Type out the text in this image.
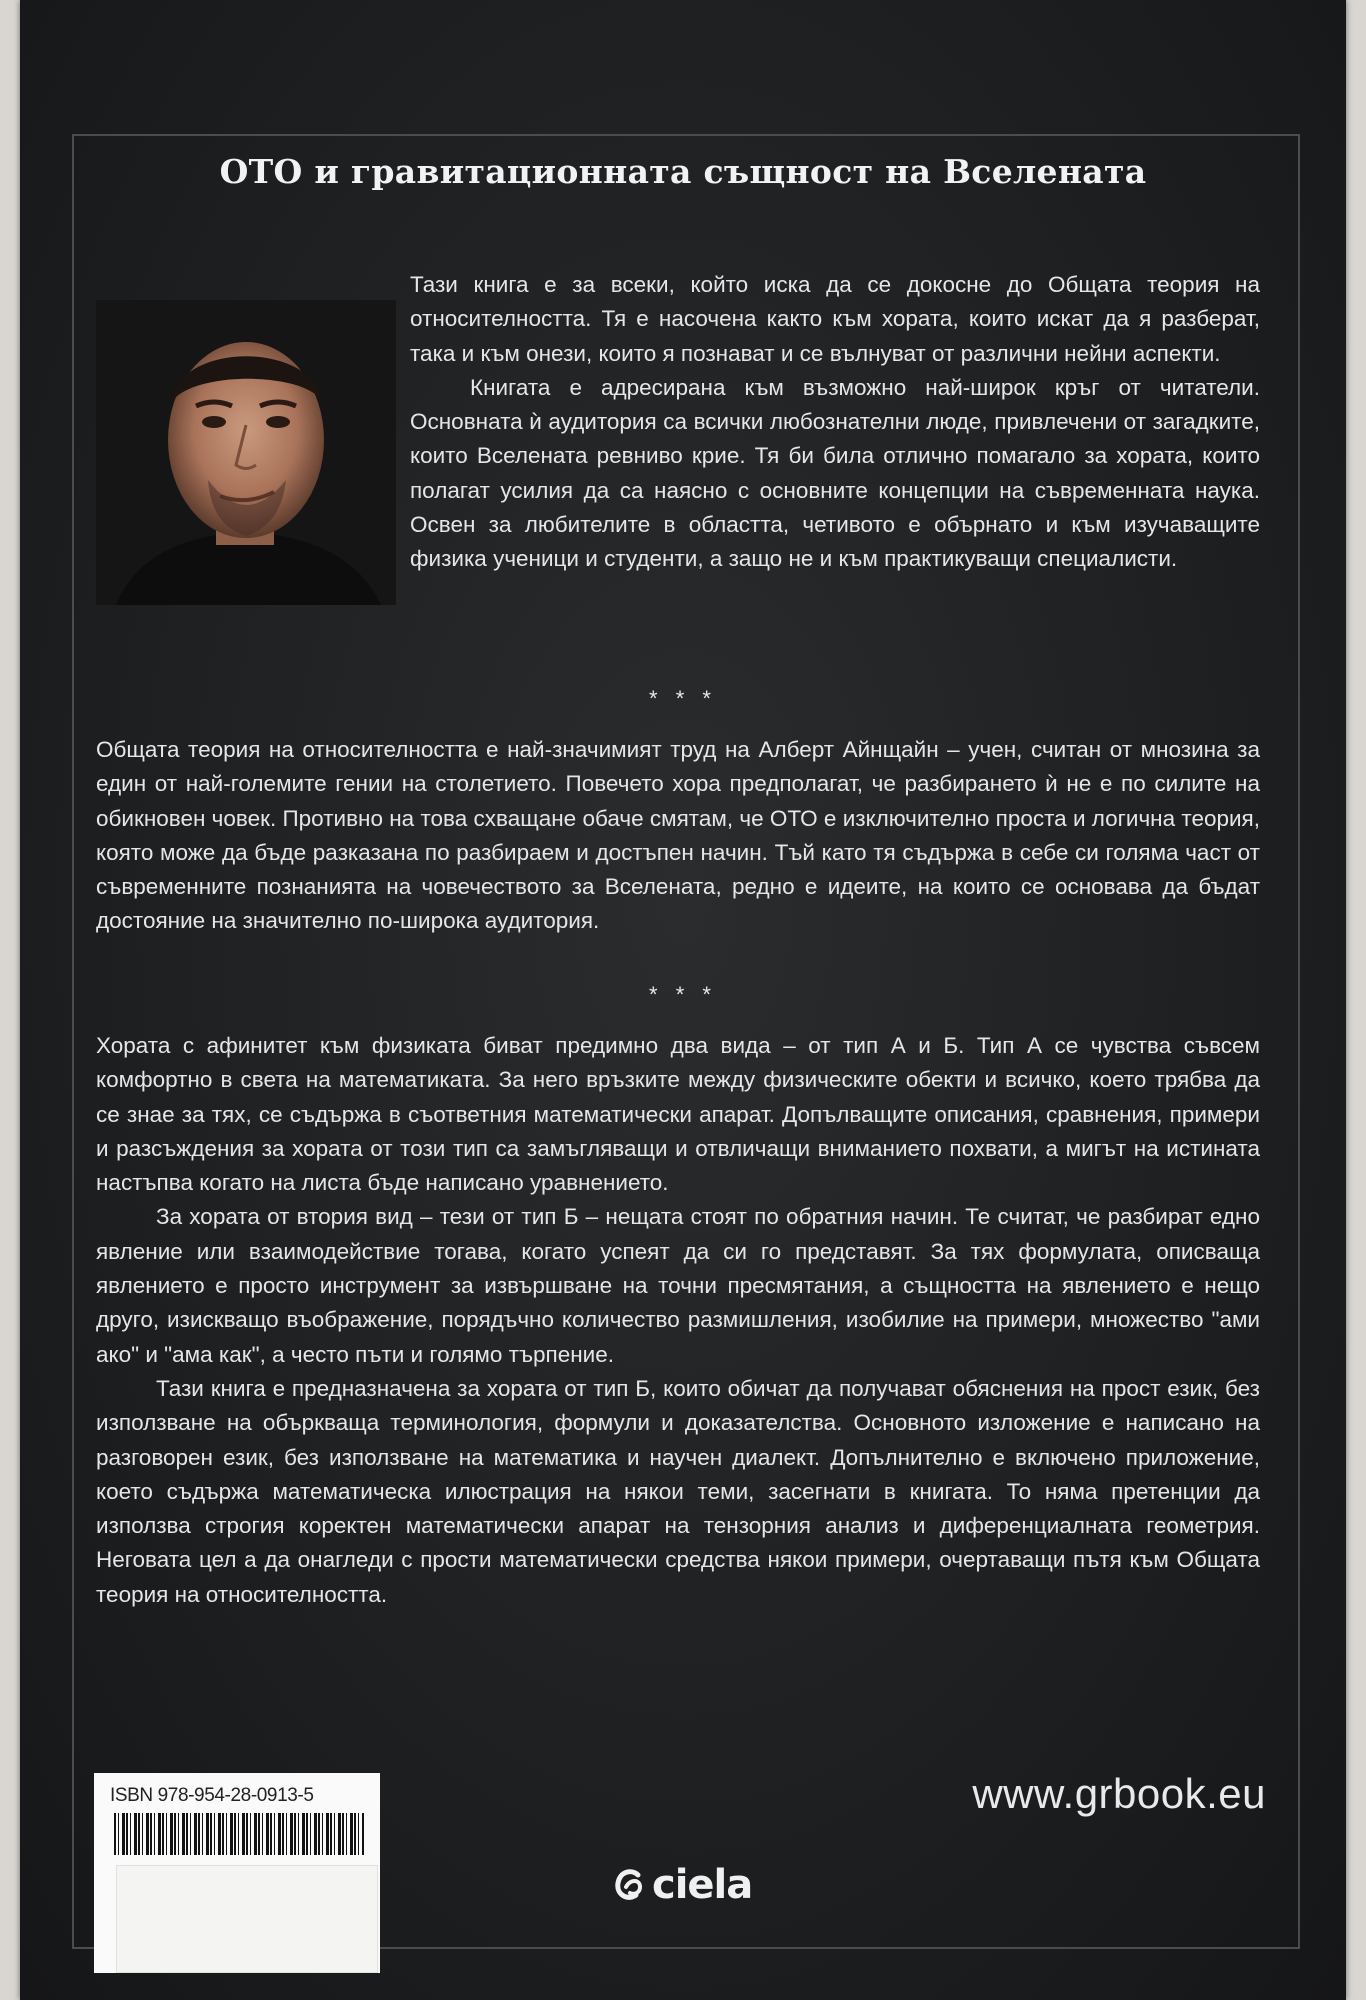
ОТО и гравитационната същност на Вселената

Тази книга е за всеки, който иска да се докосне до Общата теория на относителността. Тя е насочена както към хората, които искат да я разберат, така и към онези, които я познават и се вълнуват от различни нейни аспекти.

Книгата е адресирана към възможно най-широк кръг от читатели. Основната ѝ аудитория са всички любознателни люде, привлечени от загадките, които Вселената ревниво крие. Тя би била отлично помагало за хората, които полагат усилия да са наясно с основните концепции на съвременната наука. Освен за любителите в областта, четивото е обърнато и към изучаващите физика ученици и студенти, а защо не и към практикуващи специалисти.

* * *

Общата теория на относителността е най-значимият труд на Алберт Айнщайн – учен, считан от мнозина за един от най-големите гении на столетието. Повечето хора предполагат, че разбирането ѝ не е по силите на обикновен човек. Противно на това схващане обаче смятам, че ОТО е изключително проста и логична теория, която може да бъде разказана по разбираем и достъпен начин. Тъй като тя съдържа в себе си голяма част от съвременните познанията на човечеството за Вселената, редно е идеите, на които се основава да бъдат достояние на значително по-широка аудитория.

* * *

Хората с афинитет към физиката биват предимно два вида – от тип А и Б. Тип А се чувства съвсем комфортно в света на математиката. За него връзките между физическите обекти и всичко, което трябва да се знае за тях, се съдържа в съответния математически апарат. Допълващите описания, сравнения, примери и разсъждения за хората от този тип са замъгляващи и отвличащи вниманието похвати, а мигът на истината настъпва когато на листа бъде написано уравнението.

За хората от втория вид – тези от тип Б – нещата стоят по обратния начин. Те считат, че разбират едно явление или взаимодействие тогава, когато успеят да си го представят. За тях формулата, описваща явлението е просто инструмент за извършване на точни пресмятания, а същността на явлението е нещо друго, изискващо въображение, порядъчно количество размишления, изобилие на примери, множество "ами ако" и "ама как", а често пъти и голямо търпение.

Тази книга е предназначена за хората от тип Б, които обичат да получават обяснения на прост език, без използване на объркваща терминология, формули и доказателства. Основното изложение е написано на разговорен език, без използване на математика и научен диалект. Допълнително е включено приложение, което съдържа математическа илюстрация на някои теми, засегнати в книгата. То няма претенции да използва строгия коректен математически апарат на тензорния анализ и диференциалната геометрия. Неговата цел а да онагледи с прости математически средства някои примери, очертаващи пътя към Общата теория на относителността.

ISBN 978-954-28-0913-5	www.grbook.eu
ciela
